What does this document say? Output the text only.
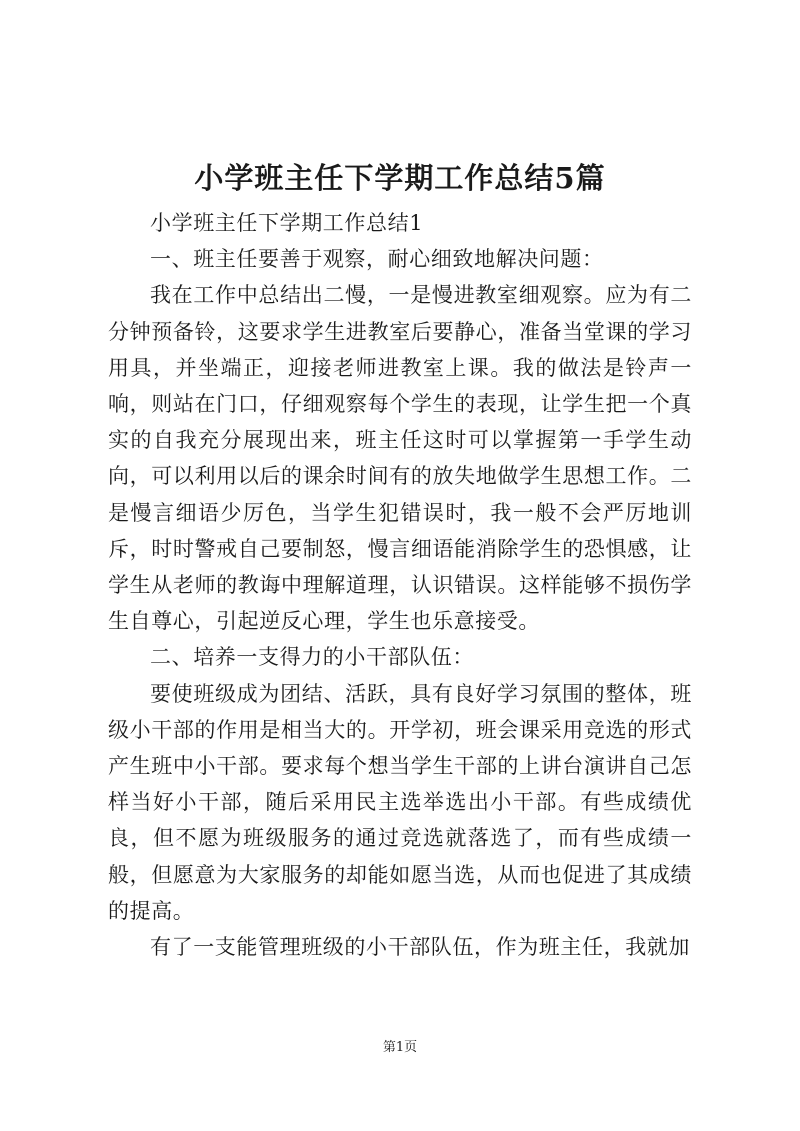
小学班主任下学期工作总结5篇

小学班主任下学期工作总结1

一、班主任要善于观察，耐心细致地解决问题：

我在工作中总结出二慢，一是慢进教室细观察。应为有二分钟预备铃，这要求学生进教室后要静心，准备当堂课的学习用具，并坐端正，迎接老师进教室上课。我的做法是铃声一响，则站在门口，仔细观察每个学生的表现，让学生把一个真实的自我充分展现出来，班主任这时可以掌握第一手学生动向，可以利用以后的课余时间有的放失地做学生思想工作。二是慢言细语少厉色，当学生犯错误时，我一般不会严厉地训斥，时时警戒自己要制怒，慢言细语能消除学生的恐惧感，让学生从老师的教诲中理解道理，认识错误。这样能够不损伤学生自尊心，引起逆反心理，学生也乐意接受。

二、培养一支得力的小干部队伍：

要使班级成为团结、活跃，具有良好学习氛围的整体，班级小干部的作用是相当大的。开学初，班会课采用竞选的形式产生班中小干部。要求每个想当学生干部的上讲台演讲自己怎样当好小干部，随后采用民主选举选出小干部。有些成绩优良，但不愿为班级服务的通过竞选就落选了，而有些成绩一般，但愿意为大家服务的却能如愿当选，从而也促进了其成绩的提高。

有了一支能管理班级的小干部队伍，作为班主任，我就加

第1页
